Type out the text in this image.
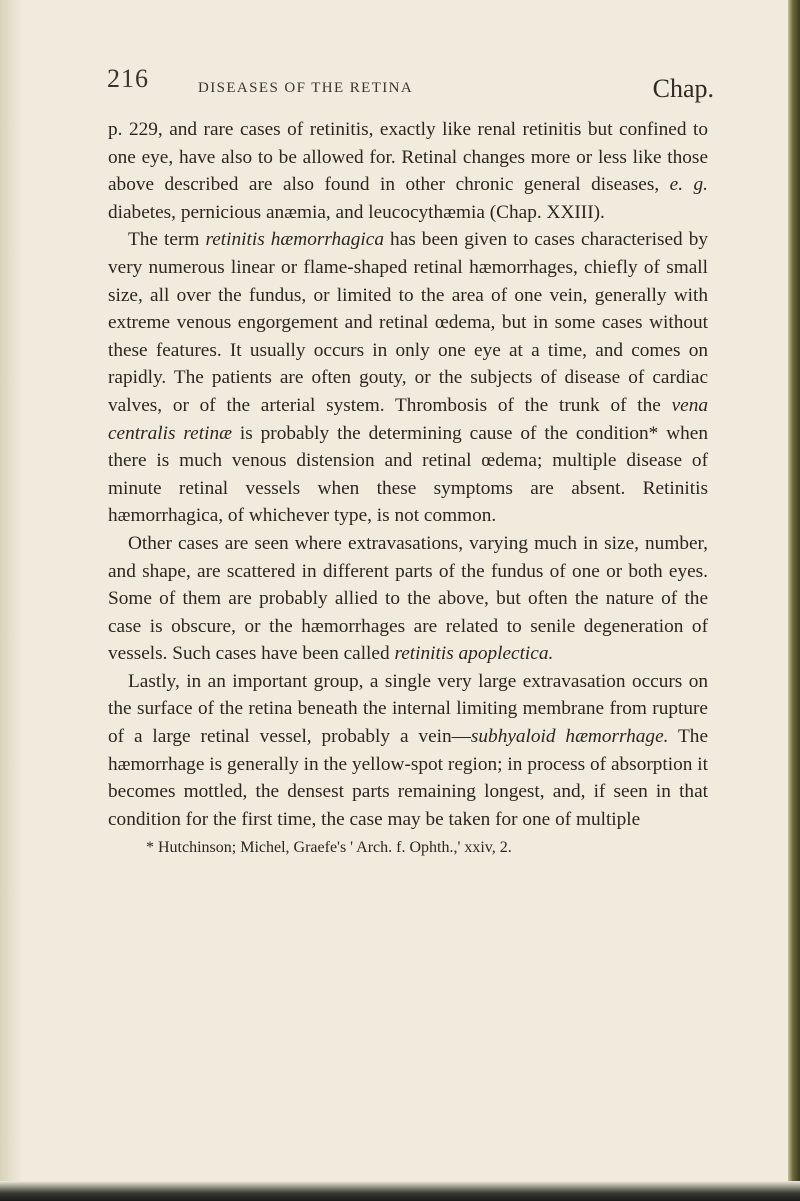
216	DISEASES OF THE RETINA	Chap.

p. 229, and rare cases of retinitis, exactly like renal retinitis but confined to one eye, have also to be allowed for. Retinal changes more or less like those above described are also found in other chronic general diseases, e. g. diabetes, pernicious anæmia, and leucocythæmia (Chap. XXIII).

The term retinitis hæmorrhagica has been given to cases characterised by very numerous linear or flame-shaped retinal hæmorrhages, chiefly of small size, all over the fundus, or limited to the area of one vein, generally with extreme venous engorgement and retinal œdema, but in some cases without these features. It usually occurs in only one eye at a time, and comes on rapidly. The patients are often gouty, or the subjects of disease of cardiac valves, or of the arterial system. Thrombosis of the trunk of the vena centralis retinæ is probably the determining cause of the condition* when there is much venous distension and retinal œdema; multiple disease of minute retinal vessels when these symptoms are absent. Retinitis hæmorrhagica, of whichever type, is not common.

Other cases are seen where extravasations, varying much in size, number, and shape, are scattered in different parts of the fundus of one or both eyes. Some of them are probably allied to the above, but often the nature of the case is obscure, or the hæmorrhages are related to senile degeneration of vessels. Such cases have been called retinitis apoplectica.

Lastly, in an important group, a single very large extravasation occurs on the surface of the retina beneath the internal limiting membrane from rupture of a large retinal vessel, probably a vein—subhyaloid hæmorrhage. The hæmorrhage is generally in the yellow-spot region; in process of absorption it becomes mottled, the densest parts remaining longest, and, if seen in that condition for the first time, the case may be taken for one of multiple

* Hutchinson; Michel, Graefe's ' Arch. f. Ophth.,' xxiv, 2.
